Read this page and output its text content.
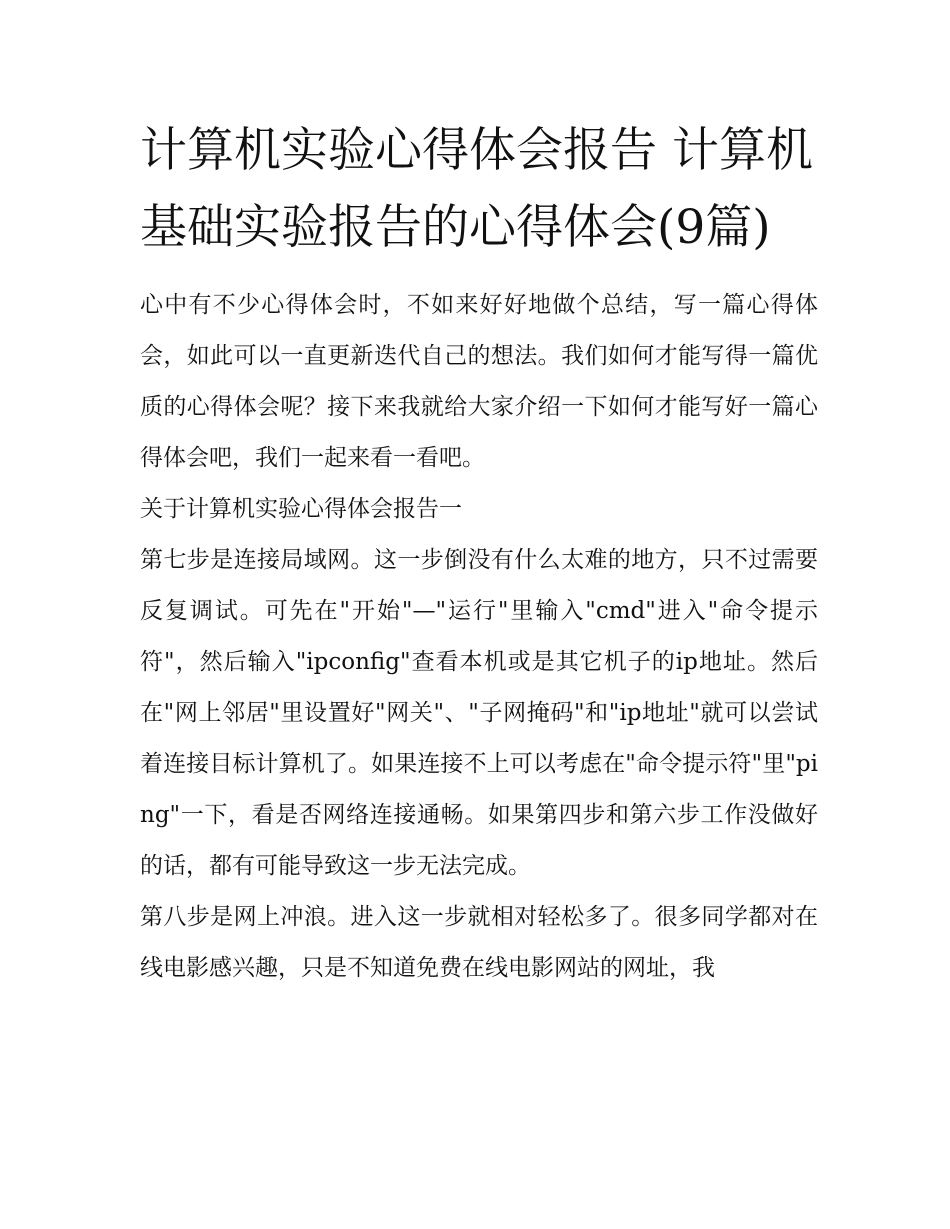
计算机实验心得体会报告 计算机基础实验报告的心得体会(9篇)

心中有不少心得体会时，不如来好好地做个总结，写一篇心得体会，如此可以一直更新迭代自己的想法。我们如何才能写得一篇优质的心得体会呢？接下来我就给大家介绍一下如何才能写好一篇心得体会吧，我们一起来看一看吧。

关于计算机实验心得体会报告一

第七步是连接局域网。这一步倒没有什么太难的地方，只不过需要反复调试。可先在"开始"—"运行"里输入"cmd"进入"命令提示符"，然后输入"ipconfig"查看本机或是其它机子的ip地址。然后在"网上邻居"里设置好"网关"、"子网掩码"和"ip地址"就可以尝试着连接目标计算机了。如果连接不上可以考虑在"命令提示符"里"ping"一下，看是否网络连接通畅。如果第四步和第六步工作没做好的话，都有可能导致这一步无法完成。

第八步是网上冲浪。进入这一步就相对轻松多了。很多同学都对在线电影感兴趣，只是不知道免费在线电影网站的网址，我
